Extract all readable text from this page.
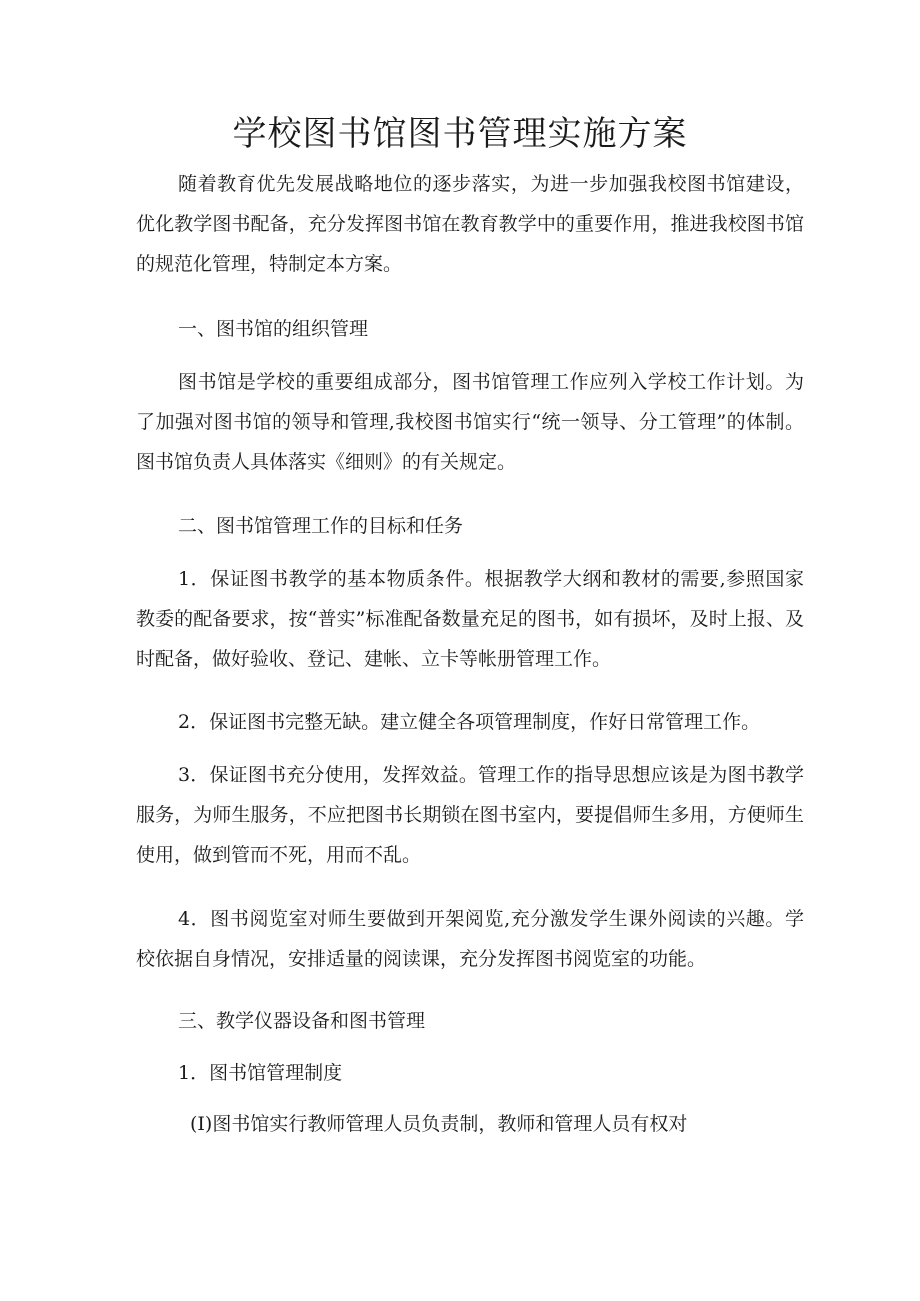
学校图书馆图书管理实施方案
随着教育优先发展战略地位的逐步落实，为进一步加强我校图书馆建设，优化教学图书配备，充分发挥图书馆在教育教学中的重要作用，推进我校图书馆的规范化管理，特制定本方案。
一、图书馆的组织管理
图书馆是学校的重要组成部分，图书馆管理工作应列入学校工作计划。为了加强对图书馆的领导和管理,我校图书馆实行“统一领导、分工管理”的体制。图书馆负责人具体落实《细则》的有关规定。
二、图书馆管理工作的目标和任务
1．保证图书教学的基本物质条件。根据教学大纲和教材的需要,参照国家教委的配备要求，按“普实”标准配备数量充足的图书，如有损坏，及时上报、及时配备，做好验收、登记、建帐、立卡等帐册管理工作。
2．保证图书完整无缺。建立健全各项管理制度，作好日常管理工作。
3．保证图书充分使用，发挥效益。管理工作的指导思想应该是为图书教学服务，为师生服务，不应把图书长期锁在图书室内，要提倡师生多用，方便师生使用，做到管而不死，用而不乱。
4．图书阅览室对师生要做到开架阅览,充分激发学生课外阅读的兴趣。学校依据自身情况，安排适量的阅读课，充分发挥图书阅览室的功能。
三、教学仪器设备和图书管理
1．图书馆管理制度
(I)图书馆实行教师管理人员负责制，教师和管理人员有权对
